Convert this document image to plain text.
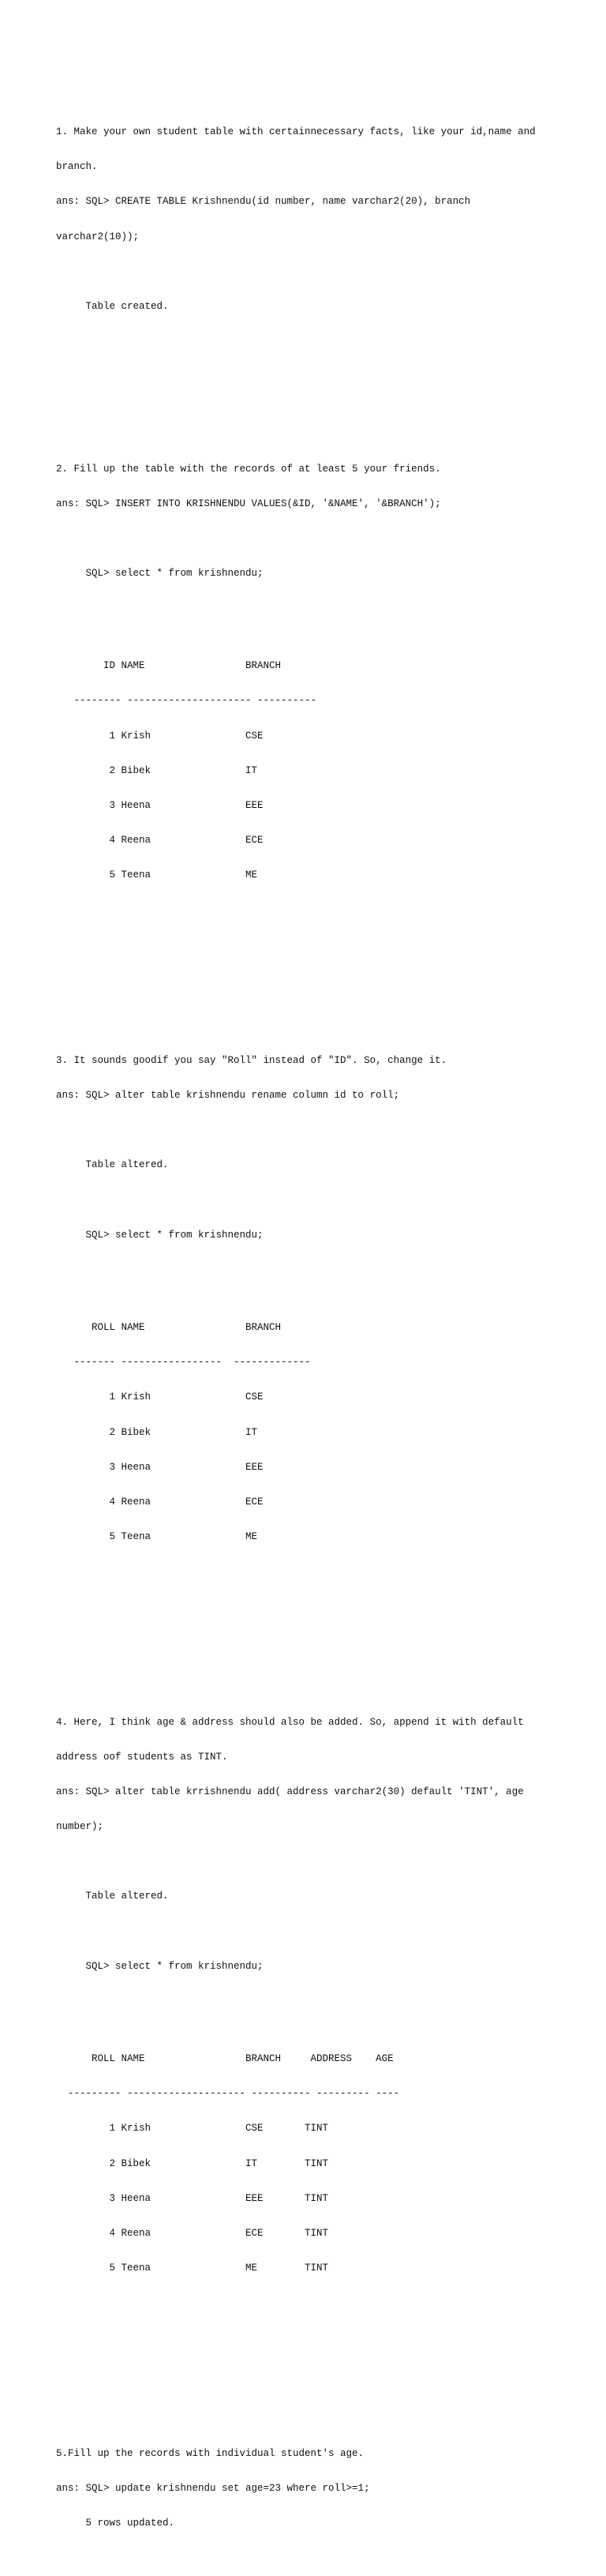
1. Make your own student table with certainnecessary facts, like your id,name and

branch.

ans: SQL> CREATE TABLE Krishnendu(id number, name varchar2(20), branch

varchar2(10));

Table created.

2. Fill up the table with the records of at least 5 your friends.

ans: SQL> INSERT INTO KRISHNENDU VALUES(&ID, '&NAME', '&BRANCH');

SQL> select * from krishnendu;

ID NAME                 BRANCH

-------- --------------------- ----------

1 Krish                CSE

2 Bibek                IT

3 Heena                EEE

4 Reena                ECE

5 Teena                ME

3. It sounds goodif you say "Roll" instead of "ID". So, change it.

ans: SQL> alter table krishnendu rename column id to roll;

Table altered.

SQL> select * from krishnendu;

ROLL NAME                 BRANCH

------- -----------------  -------------

1 Krish                CSE

2 Bibek                IT

3 Heena                EEE

4 Reena                ECE

5 Teena                ME

4. Here, I think age & address should also be added. So, append it with default

address oof students as TINT.

ans: SQL> alter table krrishnendu add( address varchar2(30) default 'TINT', age

number);

Table altered.

SQL> select * from krishnendu;

ROLL NAME                 BRANCH     ADDRESS    AGE

--------- -------------------- ---------- --------- ----

1 Krish                CSE       TINT

2 Bibek                IT        TINT

3 Heena                EEE       TINT

4 Reena                ECE       TINT

5 Teena                ME        TINT

5.Fill up the records with individual student's age.

ans: SQL> update krishnendu set age=23 where roll>=1;

5 rows updated.
